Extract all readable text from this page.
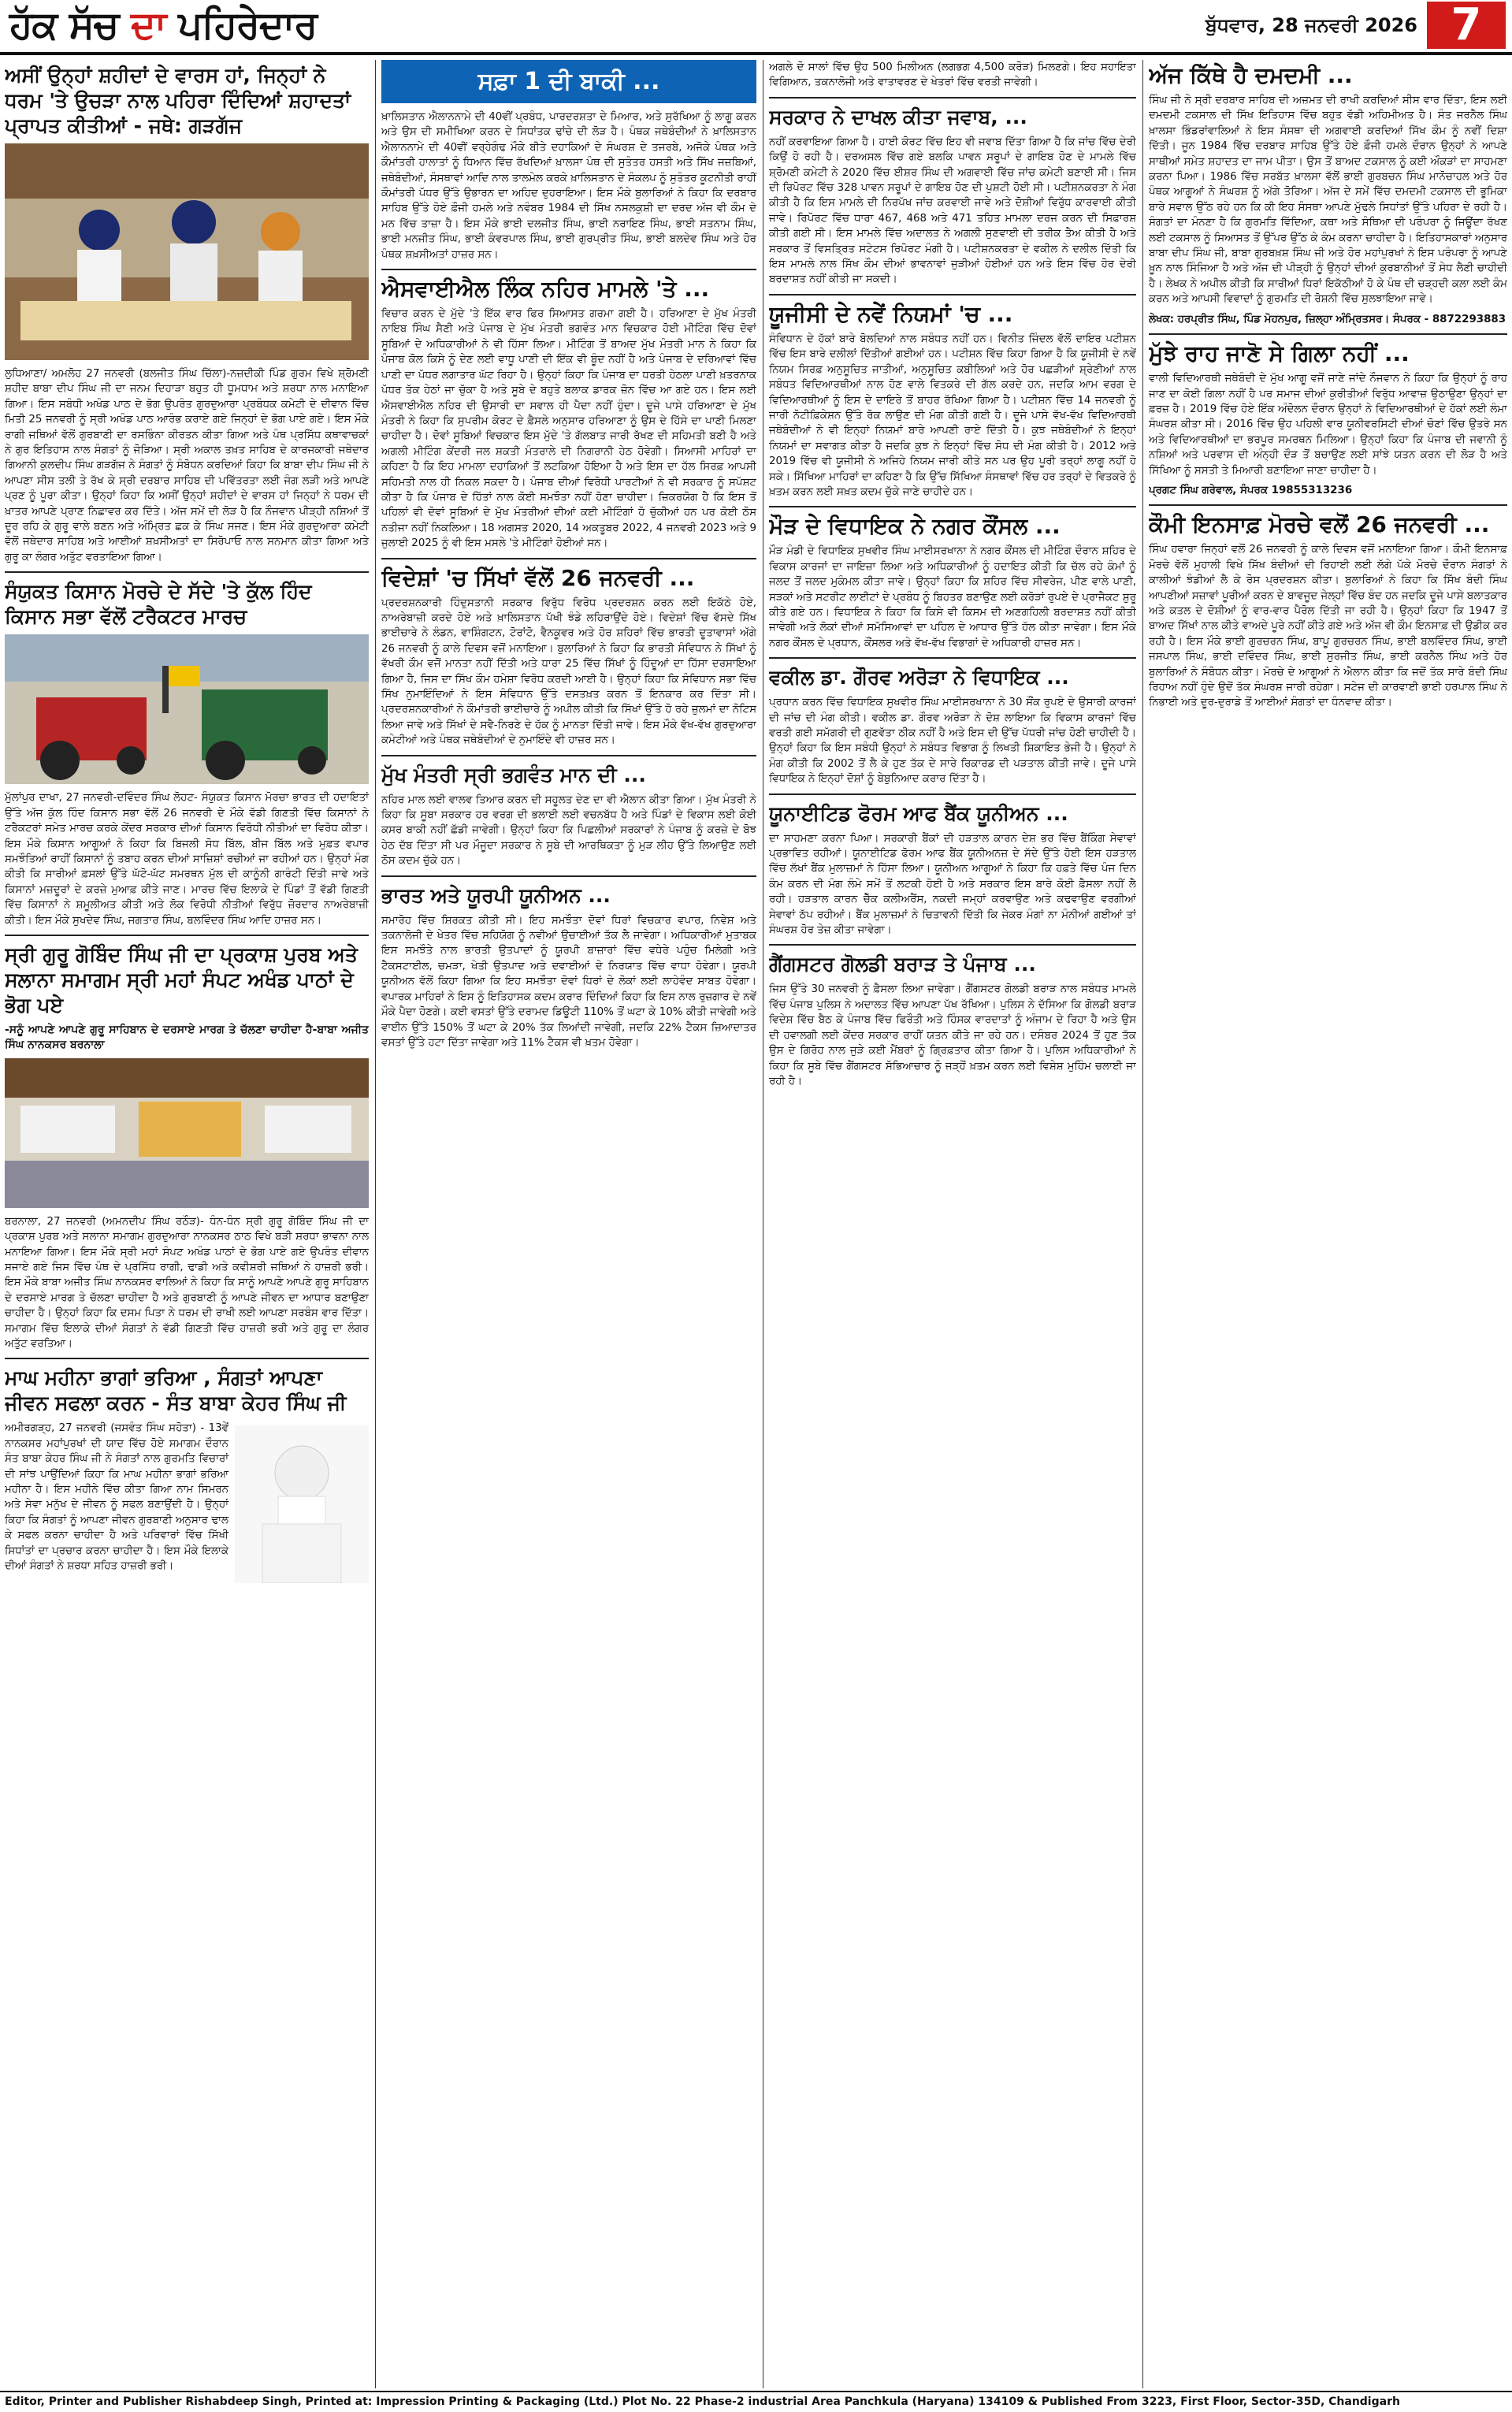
ਹੱਕ ਸੱਚ ਦਾ ਪਹਿਰੇਦਾਰ	ਬੁੱਧਵਾਰ, 28 ਜਨਵਰੀ 2026 7
ਅਸੀਂ ਉਨ੍ਹਾਂ ਸ਼ਹੀਦਾਂ ਦੇ ਵਾਰਸ ਹਾਂ, ਜਿਨ੍ਹਾਂ ਨੇ ਧਰਮ 'ਤੇ ਉਚੜਾ ਨਾਲ ਪਹਿਰਾ ਦਿੰਦਿਆਂ ਸ਼ਹਾਦਤਾਂ ਪ੍ਰਾਪਤ ਕੀਤੀਆਂ - ਜਥੇ: ਗੜਗੱਜ

ਲੁਧਿਆਣਾ/ ਅਮਲੋਹ 27 ਜਨਵਰੀ (ਬਲਜੀਤ ਸਿੰਘ ਚਿੱਲਾ)-ਨਜ਼ਦੀਕੀ ਪਿੰਡ ਗੁਰਮ ਵਿਖੇ ਸ਼੍ਰੋਮਣੀ ਸ਼ਹੀਦ ਬਾਬਾ ਦੀਪ ਸਿੰਘ ਜੀ ਦਾ ਜਨਮ ਦਿਹਾੜਾ ਬਹੁਤ ਹੀ ਧੂਮਧਾਮ ਅਤੇ ਸ਼ਰਧਾ ਨਾਲ ਮਨਾਇਆ ਗਿਆ। ਇਸ ਸਬੰਧੀ ਅਖੰਡ ਪਾਠ ਦੇ ਭੋਗ ਉਪਰੰਤ ਗੁਰਦੁਆਰਾ ਪ੍ਰਬੰਧਕ ਕਮੇਟੀ ਦੇ ਦੀਵਾਨ ਵਿੱਚ ਮਿਤੀ 25 ਜਨਵਰੀ ਨੂੰ ਸ੍ਰੀ ਅਖੰਡ ਪਾਠ ਆਰੰਭ ਕਰਾਏ ਗਏ ਜਿਨ੍ਹਾਂ ਦੇ ਭੋਗ ਪਾਏ ਗਏ। ਇਸ ਮੌਕੇ ਰਾਗੀ ਜਥਿਆਂ ਵੱਲੋਂ ਗੁਰਬਾਣੀ ਦਾ ਰਸਭਿੰਨਾ ਕੀਰਤਨ ਕੀਤਾ ਗਿਆ ਅਤੇ ਪੰਥ ਪ੍ਰਸਿੱਧ ਕਥਾਵਾਚਕਾਂ ਨੇ ਗੁਰ ਇਤਿਹਾਸ ਨਾਲ ਸੰਗਤਾਂ ਨੂੰ ਜੋੜਿਆ। ਸ੍ਰੀ ਅਕਾਲ ਤਖ਼ਤ ਸਾਹਿਬ ਦੇ ਕਾਰਜਕਾਰੀ ਜਥੇਦਾਰ ਗਿਆਨੀ ਕੁਲਦੀਪ ਸਿੰਘ ਗੜਗੱਜ ਨੇ ਸੰਗਤਾਂ ਨੂੰ ਸੰਬੋਧਨ ਕਰਦਿਆਂ ਕਿਹਾ ਕਿ ਬਾਬਾ ਦੀਪ ਸਿੰਘ ਜੀ ਨੇ ਆਪਣਾ ਸੀਸ ਤਲੀ ਤੇ ਰੱਖ ਕੇ ਸ੍ਰੀ ਦਰਬਾਰ ਸਾਹਿਬ ਦੀ ਪਵਿੱਤਰਤਾ ਲਈ ਜੰਗ ਲੜੀ ਅਤੇ ਆਪਣੇ ਪ੍ਰਣ ਨੂੰ ਪੂਰਾ ਕੀਤਾ। ਉਨ੍ਹਾਂ ਕਿਹਾ ਕਿ ਅਸੀਂ ਉਨ੍ਹਾਂ ਸ਼ਹੀਦਾਂ ਦੇ ਵਾਰਸ ਹਾਂ ਜਿਨ੍ਹਾਂ ਨੇ ਧਰਮ ਦੀ ਖ਼ਾਤਰ ਆਪਣੇ ਪ੍ਰਾਣ ਨਿਛਾਵਰ ਕਰ ਦਿੱਤੇ। ਅੱਜ ਸਮੇਂ ਦੀ ਲੋੜ ਹੈ ਕਿ ਨੌਜਵਾਨ ਪੀੜ੍ਹੀ ਨਸ਼ਿਆਂ ਤੋਂ ਦੂਰ ਰਹਿ ਕੇ ਗੁਰੂ ਵਾਲੇ ਬਣਨ ਅਤੇ ਅੰਮ੍ਰਿਤ ਛਕ ਕੇ ਸਿੰਘ ਸਜਣ। ਇਸ ਮੌਕੇ ਗੁਰਦੁਆਰਾ ਕਮੇਟੀ ਵੱਲੋਂ ਜਥੇਦਾਰ ਸਾਹਿਬ ਅਤੇ ਆਈਆਂ ਸ਼ਖ਼ਸੀਅਤਾਂ ਦਾ ਸਿਰੋਪਾਓ ਨਾਲ ਸਨਮਾਨ ਕੀਤਾ ਗਿਆ ਅਤੇ ਗੁਰੂ ਕਾ ਲੰਗਰ ਅਤੁੱਟ ਵਰਤਾਇਆ ਗਿਆ।

ਸੰਯੁਕਤ ਕਿਸਾਨ ਮੋਰਚੇ ਦੇ ਸੱਦੇ 'ਤੇ ਕੁੱਲ ਹਿੰਦ ਕਿਸਾਨ ਸਭਾ ਵੱਲੋਂ ਟਰੈਕਟਰ ਮਾਰਚ

ਮੁੱਲਾਂਪੁਰ ਦਾਖਾ, 27 ਜਨਵਰੀ-ਦਵਿੰਦਰ ਸਿੰਘ ਲੋਹਟ- ਸੰਯੁਕਤ ਕਿਸਾਨ ਮੋਰਚਾ ਭਾਰਤ ਦੀ ਹਦਾਇਤਾਂ ਉੱਤੇ ਅੱਜ ਕੁੱਲ ਹਿੰਦ ਕਿਸਾਨ ਸਭਾ ਵੱਲੋਂ 26 ਜਨਵਰੀ ਦੇ ਮੌਕੇ ਵੱਡੀ ਗਿਣਤੀ ਵਿੱਚ ਕਿਸਾਨਾਂ ਨੇ ਟਰੈਕਟਰਾਂ ਸਮੇਤ ਮਾਰਚ ਕਰਕੇ ਕੇਂਦਰ ਸਰਕਾਰ ਦੀਆਂ ਕਿਸਾਨ ਵਿਰੋਧੀ ਨੀਤੀਆਂ ਦਾ ਵਿਰੋਧ ਕੀਤਾ। ਇਸ ਮੌਕੇ ਕਿਸਾਨ ਆਗੂਆਂ ਨੇ ਕਿਹਾ ਕਿ ਬਿਜਲੀ ਸੋਧ ਬਿੱਲ, ਬੀਜ ਬਿੱਲ ਅਤੇ ਮੁਫ਼ਤ ਵਪਾਰ ਸਮਝੌਤਿਆਂ ਰਾਹੀਂ ਕਿਸਾਨਾਂ ਨੂੰ ਤਬਾਹ ਕਰਨ ਦੀਆਂ ਸਾਜ਼ਿਸ਼ਾਂ ਰਚੀਆਂ ਜਾ ਰਹੀਆਂ ਹਨ। ਉਨ੍ਹਾਂ ਮੰਗ ਕੀਤੀ ਕਿ ਸਾਰੀਆਂ ਫ਼ਸਲਾਂ ਉੱਤੇ ਘੱਟੋ-ਘੱਟ ਸਮਰਥਨ ਮੁੱਲ ਦੀ ਕਾਨੂੰਨੀ ਗਾਰੰਟੀ ਦਿੱਤੀ ਜਾਵੇ ਅਤੇ ਕਿਸਾਨਾਂ ਮਜ਼ਦੂਰਾਂ ਦੇ ਕਰਜ਼ੇ ਮੁਆਫ਼ ਕੀਤੇ ਜਾਣ। ਮਾਰਚ ਵਿੱਚ ਇਲਾਕੇ ਦੇ ਪਿੰਡਾਂ ਤੋਂ ਵੱਡੀ ਗਿਣਤੀ ਵਿੱਚ ਕਿਸਾਨਾਂ ਨੇ ਸ਼ਮੂਲੀਅਤ ਕੀਤੀ ਅਤੇ ਲੋਕ ਵਿਰੋਧੀ ਨੀਤੀਆਂ ਵਿਰੁੱਧ ਜ਼ੋਰਦਾਰ ਨਾਅਰੇਬਾਜ਼ੀ ਕੀਤੀ। ਇਸ ਮੌਕੇ ਸੁਖਦੇਵ ਸਿੰਘ, ਜਗਤਾਰ ਸਿੰਘ, ਬਲਵਿੰਦਰ ਸਿੰਘ ਆਦਿ ਹਾਜ਼ਰ ਸਨ।

ਸ੍ਰੀ ਗੁਰੂ ਗੋਬਿੰਦ ਸਿੰਘ ਜੀ ਦਾ ਪ੍ਰਕਾਸ਼ ਪੁਰਬ ਅਤੇ ਸਲਾਨਾ ਸਮਾਗਮ ਸ੍ਰੀ ਮਹਾਂ ਸੰਪਟ ਅਖੰਡ ਪਾਠਾਂ ਦੇ ਭੋਗ ਪਏ

-ਸਨੂੰ ਆਪਣੇ ਆਪਣੇ ਗੁਰੂ ਸਾਹਿਬਾਨ ਦੇ ਦਰਸਾਏ ਮਾਰਗ ਤੇ ਚੱਲਣਾ ਚਾਹੀਦਾ ਹੈ-ਬਾਬਾ ਅਜੀਤ ਸਿੰਘ ਨਾਨਕਸਰ ਬਰਨਾਲਾ

ਬਰਨਾਲਾ, 27 ਜਨਵਰੀ (ਅਮਨਦੀਪ ਸਿੰਘ ਰਠੌੜ)- ਧੰਨ-ਧੰਨ ਸ੍ਰੀ ਗੁਰੂ ਗੋਬਿੰਦ ਸਿੰਘ ਜੀ ਦਾ ਪ੍ਰਕਾਸ਼ ਪੁਰਬ ਅਤੇ ਸਲਾਨਾ ਸਮਾਗਮ ਗੁਰਦੁਆਰਾ ਨਾਨਕਸਰ ਠਾਠ ਵਿਖੇ ਬੜੀ ਸ਼ਰਧਾ ਭਾਵਨਾ ਨਾਲ ਮਨਾਇਆ ਗਿਆ। ਇਸ ਮੌਕੇ ਸ੍ਰੀ ਮਹਾਂ ਸੰਪਟ ਅਖੰਡ ਪਾਠਾਂ ਦੇ ਭੋਗ ਪਾਏ ਗਏ ਉਪਰੰਤ ਦੀਵਾਨ ਸਜਾਏ ਗਏ ਜਿਸ ਵਿੱਚ ਪੰਥ ਦੇ ਪ੍ਰਸਿੱਧ ਰਾਗੀ, ਢਾਡੀ ਅਤੇ ਕਵੀਸ਼ਰੀ ਜਥਿਆਂ ਨੇ ਹਾਜ਼ਰੀ ਭਰੀ। ਇਸ ਮੌਕੇ ਬਾਬਾ ਅਜੀਤ ਸਿੰਘ ਨਾਨਕਸਰ ਵਾਲਿਆਂ ਨੇ ਕਿਹਾ ਕਿ ਸਾਨੂੰ ਆਪਣੇ ਆਪਣੇ ਗੁਰੂ ਸਾਹਿਬਾਨ ਦੇ ਦਰਸਾਏ ਮਾਰਗ ਤੇ ਚੱਲਣਾ ਚਾਹੀਦਾ ਹੈ ਅਤੇ ਗੁਰਬਾਣੀ ਨੂੰ ਆਪਣੇ ਜੀਵਨ ਦਾ ਆਧਾਰ ਬਣਾਉਣਾ ਚਾਹੀਦਾ ਹੈ। ਉਨ੍ਹਾਂ ਕਿਹਾ ਕਿ ਦਸਮ ਪਿਤਾ ਨੇ ਧਰਮ ਦੀ ਰਾਖੀ ਲਈ ਆਪਣਾ ਸਰਬੰਸ ਵਾਰ ਦਿੱਤਾ। ਸਮਾਗਮ ਵਿੱਚ ਇਲਾਕੇ ਦੀਆਂ ਸੰਗਤਾਂ ਨੇ ਵੱਡੀ ਗਿਣਤੀ ਵਿੱਚ ਹਾਜ਼ਰੀ ਭਰੀ ਅਤੇ ਗੁਰੂ ਦਾ ਲੰਗਰ ਅਤੁੱਟ ਵਰਤਿਆ।

ਮਾਘ ਮਹੀਨਾ ਭਾਗਾਂ ਭਰਿਆ , ਸੰਗਤਾਂ ਆਪਣਾ ਜੀਵਨ ਸਫਲਾ ਕਰਨ - ਸੰਤ ਬਾਬਾ ਕੇਹਰ ਸਿੰਘ ਜੀ

ਅਮੀਰਗੜ੍ਹ, 27 ਜਨਵਰੀ (ਜਸਵੰਤ ਸਿੰਘ ਸਹੋਤਾ) - 13ਵੇਂ ਨਾਨਕਸਰ ਮਹਾਂਪੁਰਖਾਂ ਦੀ ਯਾਦ ਵਿੱਚ ਹੋਏ ਸਮਾਗਮ ਦੌਰਾਨ ਸੰਤ ਬਾਬਾ ਕੇਹਰ ਸਿੰਘ ਜੀ ਨੇ ਸੰਗਤਾਂ ਨਾਲ ਗੁਰਮਤਿ ਵਿਚਾਰਾਂ ਦੀ ਸਾਂਝ ਪਾਉਂਦਿਆਂ ਕਿਹਾ ਕਿ ਮਾਘ ਮਹੀਨਾ ਭਾਗਾਂ ਭਰਿਆ ਮਹੀਨਾ ਹੈ। ਇਸ ਮਹੀਨੇ ਵਿੱਚ ਕੀਤਾ ਗਿਆ ਨਾਮ ਸਿਮਰਨ ਅਤੇ ਸੇਵਾ ਮਨੁੱਖ ਦੇ ਜੀਵਨ ਨੂੰ ਸਫਲ ਬਣਾਉਂਦੀ ਹੈ। ਉਨ੍ਹਾਂ ਕਿਹਾ ਕਿ ਸੰਗਤਾਂ ਨੂੰ ਆਪਣਾ ਜੀਵਨ ਗੁਰਬਾਣੀ ਅਨੁਸਾਰ ਢਾਲ ਕੇ ਸਫਲ ਕਰਨਾ ਚਾਹੀਦਾ ਹੈ ਅਤੇ ਪਰਿਵਾਰਾਂ ਵਿੱਚ ਸਿੱਖੀ ਸਿਧਾਂਤਾਂ ਦਾ ਪ੍ਰਚਾਰ ਕਰਨਾ ਚਾਹੀਦਾ ਹੈ। ਇਸ ਮੌਕੇ ਇਲਾਕੇ ਦੀਆਂ ਸੰਗਤਾਂ ਨੇ ਸ਼ਰਧਾ ਸਹਿਤ ਹਾਜ਼ਰੀ ਭਰੀ।

ਸਫ਼ਾ 1 ਦੀ ਬਾਕੀ ...

ਖ਼ਾਲਿਸਤਾਨ ਐਲਾਨਨਾਮੇ ਦੀ 40ਵੀਂ ਪ੍ਰਬੰਧ, ਪਾਰਦਰਸ਼ਤਾ ਦੇ ਮਿਆਰ, ਅਤੇ ਸੁਰੱਖਿਆ ਨੂੰ ਲਾਗੂ ਕਰਨ ਅਤੇ ਉਸ ਦੀ ਸਮੀਖਿਆ ਕਰਨ ਦੇ ਸਿਧਾਂਤਕ ਢਾਂਚੇ ਦੀ ਲੋੜ ਹੈ। ਪੰਥਕ ਜਥੇਬੰਦੀਆਂ ਨੇ ਖ਼ਾਲਿਸਤਾਨ ਐਲਾਨਨਾਮੇ ਦੀ 40ਵੀਂ ਵਰ੍ਹੇਗੰਢ ਮੌਕੇ ਬੀਤੇ ਦਹਾਕਿਆਂ ਦੇ ਸੰਘਰਸ਼ ਦੇ ਤਜਰਬੇ, ਅਜੋਕੇ ਪੰਥਕ ਅਤੇ ਕੌਮਾਂਤਰੀ ਹਾਲਾਤਾਂ ਨੂੰ ਧਿਆਨ ਵਿੱਚ ਰੱਖਦਿਆਂ ਖ਼ਾਲਸਾ ਪੰਥ ਦੀ ਸੁਤੰਤਰ ਹਸਤੀ ਅਤੇ ਸਿੱਖ ਜਜ਼ਬਿਆਂ, ਜਥੇਬੰਦੀਆਂ, ਸੰਸਥਾਵਾਂ ਆਦਿ ਨਾਲ ਤਾਲਮੇਲ ਕਰਕੇ ਖ਼ਾਲਿਸਤਾਨ ਦੇ ਸੰਕਲਪ ਨੂੰ ਸੁਤੰਤਰ ਕੂਟਨੀਤੀ ਰਾਹੀਂ ਕੌਮਾਂਤਰੀ ਪੱਧਰ ਉੱਤੇ ਉਭਾਰਨ ਦਾ ਅਹਿਦ ਦੁਹਰਾਇਆ। ਇਸ ਮੌਕੇ ਬੁਲਾਰਿਆਂ ਨੇ ਕਿਹਾ ਕਿ ਦਰਬਾਰ ਸਾਹਿਬ ਉੱਤੇ ਹੋਏ ਫ਼ੌਜੀ ਹਮਲੇ ਅਤੇ ਨਵੰਬਰ 1984 ਦੀ ਸਿੱਖ ਨਸਲਕੁਸ਼ੀ ਦਾ ਦਰਦ ਅੱਜ ਵੀ ਕੌਮ ਦੇ ਮਨ ਵਿੱਚ ਤਾਜ਼ਾ ਹੈ। ਇਸ ਮੌਕੇ ਭਾਈ ਦਲਜੀਤ ਸਿੰਘ, ਭਾਈ ਨਰਾਇਣ ਸਿੰਘ, ਭਾਈ ਸਤਨਾਮ ਸਿੰਘ, ਭਾਈ ਮਨਜੀਤ ਸਿੰਘ, ਭਾਈ ਕੰਵਰਪਾਲ ਸਿੰਘ, ਭਾਈ ਗੁਰਪ੍ਰੀਤ ਸਿੰਘ, ਭਾਈ ਬਲਦੇਵ ਸਿੰਘ ਅਤੇ ਹੋਰ ਪੰਥਕ ਸ਼ਖ਼ਸੀਅਤਾਂ ਹਾਜ਼ਰ ਸਨ।

ਐਸਵਾਈਐਲ ਲਿੰਕ ਨਹਿਰ ਮਾਮਲੇ 'ਤੇ ...

ਵਿਚਾਰ ਕਰਨ ਦੇ ਮੁੱਦੇ 'ਤੇ ਇੱਕ ਵਾਰ ਫਿਰ ਸਿਆਸਤ ਗਰਮਾ ਗਈ ਹੈ। ਹਰਿਆਣਾ ਦੇ ਮੁੱਖ ਮੰਤਰੀ ਨਾਇਬ ਸਿੰਘ ਸੈਣੀ ਅਤੇ ਪੰਜਾਬ ਦੇ ਮੁੱਖ ਮੰਤਰੀ ਭਗਵੰਤ ਮਾਨ ਵਿਚਕਾਰ ਹੋਈ ਮੀਟਿੰਗ ਵਿੱਚ ਦੋਵਾਂ ਸੂਬਿਆਂ ਦੇ ਅਧਿਕਾਰੀਆਂ ਨੇ ਵੀ ਹਿੱਸਾ ਲਿਆ। ਮੀਟਿੰਗ ਤੋਂ ਬਾਅਦ ਮੁੱਖ ਮੰਤਰੀ ਮਾਨ ਨੇ ਕਿਹਾ ਕਿ ਪੰਜਾਬ ਕੋਲ ਕਿਸੇ ਨੂੰ ਦੇਣ ਲਈ ਵਾਧੂ ਪਾਣੀ ਦੀ ਇੱਕ ਵੀ ਬੂੰਦ ਨਹੀਂ ਹੈ ਅਤੇ ਪੰਜਾਬ ਦੇ ਦਰਿਆਵਾਂ ਵਿੱਚ ਪਾਣੀ ਦਾ ਪੱਧਰ ਲਗਾਤਾਰ ਘੱਟ ਰਿਹਾ ਹੈ। ਉਨ੍ਹਾਂ ਕਿਹਾ ਕਿ ਪੰਜਾਬ ਦਾ ਧਰਤੀ ਹੇਠਲਾ ਪਾਣੀ ਖ਼ਤਰਨਾਕ ਪੱਧਰ ਤੱਕ ਹੇਠਾਂ ਜਾ ਚੁੱਕਾ ਹੈ ਅਤੇ ਸੂਬੇ ਦੇ ਬਹੁਤੇ ਬਲਾਕ ਡਾਰਕ ਜ਼ੋਨ ਵਿੱਚ ਆ ਗਏ ਹਨ। ਇਸ ਲਈ ਐਸਵਾਈਐਲ ਨਹਿਰ ਦੀ ਉਸਾਰੀ ਦਾ ਸਵਾਲ ਹੀ ਪੈਦਾ ਨਹੀਂ ਹੁੰਦਾ। ਦੂਜੇ ਪਾਸੇ ਹਰਿਆਣਾ ਦੇ ਮੁੱਖ ਮੰਤਰੀ ਨੇ ਕਿਹਾ ਕਿ ਸੁਪਰੀਮ ਕੋਰਟ ਦੇ ਫ਼ੈਸਲੇ ਅਨੁਸਾਰ ਹਰਿਆਣਾ ਨੂੰ ਉਸ ਦੇ ਹਿੱਸੇ ਦਾ ਪਾਣੀ ਮਿਲਣਾ ਚਾਹੀਦਾ ਹੈ। ਦੋਵਾਂ ਸੂਬਿਆਂ ਵਿਚਕਾਰ ਇਸ ਮੁੱਦੇ 'ਤੇ ਗੱਲਬਾਤ ਜਾਰੀ ਰੱਖਣ ਦੀ ਸਹਿਮਤੀ ਬਣੀ ਹੈ ਅਤੇ ਅਗਲੀ ਮੀਟਿੰਗ ਕੇਂਦਰੀ ਜਲ ਸ਼ਕਤੀ ਮੰਤਰਾਲੇ ਦੀ ਨਿਗਰਾਨੀ ਹੇਠ ਹੋਵੇਗੀ। ਸਿਆਸੀ ਮਾਹਿਰਾਂ ਦਾ ਕਹਿਣਾ ਹੈ ਕਿ ਇਹ ਮਾਮਲਾ ਦਹਾਕਿਆਂ ਤੋਂ ਲਟਕਿਆ ਹੋਇਆ ਹੈ ਅਤੇ ਇਸ ਦਾ ਹੱਲ ਸਿਰਫ਼ ਆਪਸੀ ਸਹਿਮਤੀ ਨਾਲ ਹੀ ਨਿਕਲ ਸਕਦਾ ਹੈ। ਪੰਜਾਬ ਦੀਆਂ ਵਿਰੋਧੀ ਪਾਰਟੀਆਂ ਨੇ ਵੀ ਸਰਕਾਰ ਨੂੰ ਸਪੱਸ਼ਟ ਕੀਤਾ ਹੈ ਕਿ ਪੰਜਾਬ ਦੇ ਹਿੱਤਾਂ ਨਾਲ ਕੋਈ ਸਮਝੌਤਾ ਨਹੀਂ ਹੋਣਾ ਚਾਹੀਦਾ। ਜ਼ਿਕਰਯੋਗ ਹੈ ਕਿ ਇਸ ਤੋਂ ਪਹਿਲਾਂ ਵੀ ਦੋਵਾਂ ਸੂਬਿਆਂ ਦੇ ਮੁੱਖ ਮੰਤਰੀਆਂ ਦੀਆਂ ਕਈ ਮੀਟਿੰਗਾਂ ਹੋ ਚੁੱਕੀਆਂ ਹਨ ਪਰ ਕੋਈ ਠੋਸ ਨਤੀਜਾ ਨਹੀਂ ਨਿਕਲਿਆ। 18 ਅਗਸਤ 2020, 14 ਅਕਤੂਬਰ 2022, 4 ਜਨਵਰੀ 2023 ਅਤੇ 9 ਜੁਲਾਈ 2025 ਨੂੰ ਵੀ ਇਸ ਮਸਲੇ 'ਤੇ ਮੀਟਿੰਗਾਂ ਹੋਈਆਂ ਸਨ।

ਵਿਦੇਸ਼ਾਂ 'ਚ ਸਿੱਖਾਂ ਵੱਲੋਂ 26 ਜਨਵਰੀ ...

ਪ੍ਰਦਰਸ਼ਨਕਾਰੀ ਹਿੰਦੁਸਤਾਨੀ ਸਰਕਾਰ ਵਿਰੁੱਧ ਵਿਰੋਧ ਪ੍ਰਦਰਸ਼ਨ ਕਰਨ ਲਈ ਇਕੱਠੇ ਹੋਏ, ਨਾਅਰੇਬਾਜ਼ੀ ਕਰਦੇ ਹੋਏ ਅਤੇ ਖ਼ਾਲਿਸਤਾਨ ਪੱਖੀ ਝੰਡੇ ਲਹਿਰਾਉਂਦੇ ਹੋਏ। ਵਿਦੇਸ਼ਾਂ ਵਿੱਚ ਵੱਸਦੇ ਸਿੱਖ ਭਾਈਚਾਰੇ ਨੇ ਲੰਡਨ, ਵਾਸ਼ਿੰਗਟਨ, ਟੋਰਾਂਟੋ, ਵੈਨਕੂਵਰ ਅਤੇ ਹੋਰ ਸ਼ਹਿਰਾਂ ਵਿੱਚ ਭਾਰਤੀ ਦੂਤਾਵਾਸਾਂ ਅੱਗੇ 26 ਜਨਵਰੀ ਨੂੰ ਕਾਲੇ ਦਿਵਸ ਵਜੋਂ ਮਨਾਇਆ। ਬੁਲਾਰਿਆਂ ਨੇ ਕਿਹਾ ਕਿ ਭਾਰਤੀ ਸੰਵਿਧਾਨ ਨੇ ਸਿੱਖਾਂ ਨੂੰ ਵੱਖਰੀ ਕੌਮ ਵਜੋਂ ਮਾਨਤਾ ਨਹੀਂ ਦਿੱਤੀ ਅਤੇ ਧਾਰਾ 25 ਵਿੱਚ ਸਿੱਖਾਂ ਨੂੰ ਹਿੰਦੂਆਂ ਦਾ ਹਿੱਸਾ ਦਰਸਾਇਆ ਗਿਆ ਹੈ, ਜਿਸ ਦਾ ਸਿੱਖ ਕੌਮ ਹਮੇਸ਼ਾ ਵਿਰੋਧ ਕਰਦੀ ਆਈ ਹੈ। ਉਨ੍ਹਾਂ ਕਿਹਾ ਕਿ ਸੰਵਿਧਾਨ ਸਭਾ ਵਿੱਚ ਸਿੱਖ ਨੁਮਾਇੰਦਿਆਂ ਨੇ ਇਸ ਸੰਵਿਧਾਨ ਉੱਤੇ ਦਸਤਖ਼ਤ ਕਰਨ ਤੋਂ ਇਨਕਾਰ ਕਰ ਦਿੱਤਾ ਸੀ। ਪ੍ਰਦਰਸ਼ਨਕਾਰੀਆਂ ਨੇ ਕੌਮਾਂਤਰੀ ਭਾਈਚਾਰੇ ਨੂੰ ਅਪੀਲ ਕੀਤੀ ਕਿ ਸਿੱਖਾਂ ਉੱਤੇ ਹੋ ਰਹੇ ਜ਼ੁਲਮਾਂ ਦਾ ਨੋਟਿਸ ਲਿਆ ਜਾਵੇ ਅਤੇ ਸਿੱਖਾਂ ਦੇ ਸਵੈ-ਨਿਰਣੇ ਦੇ ਹੱਕ ਨੂੰ ਮਾਨਤਾ ਦਿੱਤੀ ਜਾਵੇ। ਇਸ ਮੌਕੇ ਵੱਖ-ਵੱਖ ਗੁਰਦੁਆਰਾ ਕਮੇਟੀਆਂ ਅਤੇ ਪੰਥਕ ਜਥੇਬੰਦੀਆਂ ਦੇ ਨੁਮਾਇੰਦੇ ਵੀ ਹਾਜ਼ਰ ਸਨ।

ਮੁੱਖ ਮੰਤਰੀ ਸ੍ਰੀ ਭਗਵੰਤ ਮਾਨ ਦੀ ...

ਨਹਿਰ ਮਾਲ ਲਈ ਵਾਲਵ ਤਿਆਰ ਕਰਨ ਦੀ ਸਹੂਲਤ ਦੇਣ ਦਾ ਵੀ ਐਲਾਨ ਕੀਤਾ ਗਿਆ। ਮੁੱਖ ਮੰਤਰੀ ਨੇ ਕਿਹਾ ਕਿ ਸੂਬਾ ਸਰਕਾਰ ਹਰ ਵਰਗ ਦੀ ਭਲਾਈ ਲਈ ਵਚਨਬੱਧ ਹੈ ਅਤੇ ਪਿੰਡਾਂ ਦੇ ਵਿਕਾਸ ਲਈ ਕੋਈ ਕਸਰ ਬਾਕੀ ਨਹੀਂ ਛੱਡੀ ਜਾਵੇਗੀ। ਉਨ੍ਹਾਂ ਕਿਹਾ ਕਿ ਪਿਛਲੀਆਂ ਸਰਕਾਰਾਂ ਨੇ ਪੰਜਾਬ ਨੂੰ ਕਰਜ਼ੇ ਦੇ ਬੋਝ ਹੇਠ ਦੱਬ ਦਿੱਤਾ ਸੀ ਪਰ ਮੌਜੂਦਾ ਸਰਕਾਰ ਨੇ ਸੂਬੇ ਦੀ ਆਰਥਿਕਤਾ ਨੂੰ ਮੁੜ ਲੀਹ ਉੱਤੇ ਲਿਆਉਣ ਲਈ ਠੋਸ ਕਦਮ ਚੁੱਕੇ ਹਨ।

ਭਾਰਤ ਅਤੇ ਯੂਰਪੀ ਯੂਨੀਅਨ ...

ਸਮਾਰੋਹ ਵਿੱਚ ਸ਼ਿਰਕਤ ਕੀਤੀ ਸੀ। ਇਹ ਸਮਝੌਤਾ ਦੋਵਾਂ ਧਿਰਾਂ ਵਿਚਕਾਰ ਵਪਾਰ, ਨਿਵੇਸ਼ ਅਤੇ ਤਕਨਾਲੋਜੀ ਦੇ ਖੇਤਰ ਵਿੱਚ ਸਹਿਯੋਗ ਨੂੰ ਨਵੀਆਂ ਉਚਾਈਆਂ ਤੱਕ ਲੈ ਜਾਵੇਗਾ। ਅਧਿਕਾਰੀਆਂ ਮੁਤਾਬਕ ਇਸ ਸਮਝੌਤੇ ਨਾਲ ਭਾਰਤੀ ਉਤਪਾਦਾਂ ਨੂੰ ਯੂਰਪੀ ਬਾਜ਼ਾਰਾਂ ਵਿੱਚ ਵਧੇਰੇ ਪਹੁੰਚ ਮਿਲੇਗੀ ਅਤੇ ਟੈਕਸਟਾਈਲ, ਚਮੜਾ, ਖੇਤੀ ਉਤਪਾਦ ਅਤੇ ਦਵਾਈਆਂ ਦੇ ਨਿਰਯਾਤ ਵਿੱਚ ਵਾਧਾ ਹੋਵੇਗਾ। ਯੂਰਪੀ ਯੂਨੀਅਨ ਵੱਲੋਂ ਕਿਹਾ ਗਿਆ ਕਿ ਇਹ ਸਮਝੌਤਾ ਦੋਵਾਂ ਧਿਰਾਂ ਦੇ ਲੋਕਾਂ ਲਈ ਲਾਹੇਵੰਦ ਸਾਬਤ ਹੋਵੇਗਾ। ਵਪਾਰਕ ਮਾਹਿਰਾਂ ਨੇ ਇਸ ਨੂੰ ਇਤਿਹਾਸਕ ਕਦਮ ਕਰਾਰ ਦਿੰਦਿਆਂ ਕਿਹਾ ਕਿ ਇਸ ਨਾਲ ਰੁਜ਼ਗਾਰ ਦੇ ਨਵੇਂ ਮੌਕੇ ਪੈਦਾ ਹੋਣਗੇ। ਕਈ ਵਸਤਾਂ ਉੱਤੇ ਦਰਾਮਦ ਡਿਊਟੀ 110% ਤੋਂ ਘਟਾ ਕੇ 10% ਕੀਤੀ ਜਾਵੇਗੀ ਅਤੇ ਵਾਈਨ ਉੱਤੇ 150% ਤੋਂ ਘਟਾ ਕੇ 20% ਤੱਕ ਲਿਆਂਦੀ ਜਾਵੇਗੀ, ਜਦਕਿ 22% ਟੈਕਸ ਜ਼ਿਆਦਾਤਰ ਵਸਤਾਂ ਉੱਤੇ ਹਟਾ ਦਿੱਤਾ ਜਾਵੇਗਾ ਅਤੇ 11% ਟੈਕਸ ਵੀ ਖ਼ਤਮ ਹੋਵੇਗਾ।

ਅਗਲੇ ਦੋ ਸਾਲਾਂ ਵਿੱਚ ਉਹ 500 ਮਿਲੀਅਨ (ਲਗਭਗ 4,500 ਕਰੋੜ) ਮਿਲਣਗੇ। ਇਹ ਸਹਾਇਤਾ ਵਿਗਿਆਨ, ਤਕਨਾਲੋਜੀ ਅਤੇ ਵਾਤਾਵਰਣ ਦੇ ਖੇਤਰਾਂ ਵਿੱਚ ਵਰਤੀ ਜਾਵੇਗੀ।

ਸਰਕਾਰ ਨੇ ਦਾਖਲ ਕੀਤਾ ਜਵਾਬ, ...

ਨਹੀਂ ਕਰਵਾਇਆ ਗਿਆ ਹੈ। ਹਾਈ ਕੋਰਟ ਵਿੱਚ ਇਹ ਵੀ ਜਵਾਬ ਦਿੱਤਾ ਗਿਆ ਹੈ ਕਿ ਜਾਂਚ ਵਿੱਚ ਦੇਰੀ ਕਿਉਂ ਹੋ ਰਹੀ ਹੈ। ਦਰਅਸਲ ਵਿੱਚ ਗਏ ਬਲਕਿ ਪਾਵਨ ਸਰੂਪਾਂ ਦੇ ਗਾਇਬ ਹੋਣ ਦੇ ਮਾਮਲੇ ਵਿੱਚ ਸ਼੍ਰੋਮਣੀ ਕਮੇਟੀ ਨੇ 2020 ਵਿੱਚ ਈਸ਼ਰ ਸਿੰਘ ਦੀ ਅਗਵਾਈ ਵਿੱਚ ਜਾਂਚ ਕਮੇਟੀ ਬਣਾਈ ਸੀ। ਜਿਸ ਦੀ ਰਿਪੋਰਟ ਵਿੱਚ 328 ਪਾਵਨ ਸਰੂਪਾਂ ਦੇ ਗਾਇਬ ਹੋਣ ਦੀ ਪੁਸ਼ਟੀ ਹੋਈ ਸੀ। ਪਟੀਸ਼ਨਕਰਤਾ ਨੇ ਮੰਗ ਕੀਤੀ ਹੈ ਕਿ ਇਸ ਮਾਮਲੇ ਦੀ ਨਿਰਪੱਖ ਜਾਂਚ ਕਰਵਾਈ ਜਾਵੇ ਅਤੇ ਦੋਸ਼ੀਆਂ ਵਿਰੁੱਧ ਕਾਰਵਾਈ ਕੀਤੀ ਜਾਵੇ। ਰਿਪੋਰਟ ਵਿੱਚ ਧਾਰਾ 467, 468 ਅਤੇ 471 ਤਹਿਤ ਮਾਮਲਾ ਦਰਜ ਕਰਨ ਦੀ ਸਿਫ਼ਾਰਸ਼ ਕੀਤੀ ਗਈ ਸੀ। ਇਸ ਮਾਮਲੇ ਵਿੱਚ ਅਦਾਲਤ ਨੇ ਅਗਲੀ ਸੁਣਵਾਈ ਦੀ ਤਰੀਕ ਤੈਅ ਕੀਤੀ ਹੈ ਅਤੇ ਸਰਕਾਰ ਤੋਂ ਵਿਸਤ੍ਰਿਤ ਸਟੇਟਸ ਰਿਪੋਰਟ ਮੰਗੀ ਹੈ। ਪਟੀਸ਼ਨਕਰਤਾ ਦੇ ਵਕੀਲ ਨੇ ਦਲੀਲ ਦਿੱਤੀ ਕਿ ਇਸ ਮਾਮਲੇ ਨਾਲ ਸਿੱਖ ਕੌਮ ਦੀਆਂ ਭਾਵਨਾਵਾਂ ਜੁੜੀਆਂ ਹੋਈਆਂ ਹਨ ਅਤੇ ਇਸ ਵਿੱਚ ਹੋਰ ਦੇਰੀ ਬਰਦਾਸ਼ਤ ਨਹੀਂ ਕੀਤੀ ਜਾ ਸਕਦੀ।

ਯੂਜੀਸੀ ਦੇ ਨਵੇਂ ਨਿਯਮਾਂ 'ਚ ...

ਸੰਵਿਧਾਨ ਦੇ ਹੱਕਾਂ ਬਾਰੇ ਬੋਲਦਿਆਂ ਨਾਲ ਸਬੰਧਤ ਨਹੀਂ ਹਨ। ਵਿਨੀਤ ਜਿੰਦਲ ਵੱਲੋਂ ਦਾਇਰ ਪਟੀਸ਼ਨ ਵਿੱਚ ਇਸ ਬਾਰੇ ਦਲੀਲਾਂ ਦਿੱਤੀਆਂ ਗਈਆਂ ਹਨ। ਪਟੀਸ਼ਨ ਵਿੱਚ ਕਿਹਾ ਗਿਆ ਹੈ ਕਿ ਯੂਜੀਸੀ ਦੇ ਨਵੇਂ ਨਿਯਮ ਸਿਰਫ਼ ਅਨੁਸੂਚਿਤ ਜਾਤੀਆਂ, ਅਨੁਸੂਚਿਤ ਕਬੀਲਿਆਂ ਅਤੇ ਹੋਰ ਪਛੜੀਆਂ ਸ਼੍ਰੇਣੀਆਂ ਨਾਲ ਸਬੰਧਤ ਵਿਦਿਆਰਥੀਆਂ ਨਾਲ ਹੋਣ ਵਾਲੇ ਵਿਤਕਰੇ ਦੀ ਗੱਲ ਕਰਦੇ ਹਨ, ਜਦਕਿ ਆਮ ਵਰਗ ਦੇ ਵਿਦਿਆਰਥੀਆਂ ਨੂੰ ਇਸ ਦੇ ਦਾਇਰੇ ਤੋਂ ਬਾਹਰ ਰੱਖਿਆ ਗਿਆ ਹੈ। ਪਟੀਸ਼ਨ ਵਿੱਚ 14 ਜਨਵਰੀ ਨੂੰ ਜਾਰੀ ਨੋਟੀਫ਼ਿਕੇਸ਼ਨ ਉੱਤੇ ਰੋਕ ਲਾਉਣ ਦੀ ਮੰਗ ਕੀਤੀ ਗਈ ਹੈ। ਦੂਜੇ ਪਾਸੇ ਵੱਖ-ਵੱਖ ਵਿਦਿਆਰਥੀ ਜਥੇਬੰਦੀਆਂ ਨੇ ਵੀ ਇਨ੍ਹਾਂ ਨਿਯਮਾਂ ਬਾਰੇ ਆਪਣੀ ਰਾਏ ਦਿੱਤੀ ਹੈ। ਕੁਝ ਜਥੇਬੰਦੀਆਂ ਨੇ ਇਨ੍ਹਾਂ ਨਿਯਮਾਂ ਦਾ ਸਵਾਗਤ ਕੀਤਾ ਹੈ ਜਦਕਿ ਕੁਝ ਨੇ ਇਨ੍ਹਾਂ ਵਿੱਚ ਸੋਧ ਦੀ ਮੰਗ ਕੀਤੀ ਹੈ। 2012 ਅਤੇ 2019 ਵਿੱਚ ਵੀ ਯੂਜੀਸੀ ਨੇ ਅਜਿਹੇ ਨਿਯਮ ਜਾਰੀ ਕੀਤੇ ਸਨ ਪਰ ਉਹ ਪੂਰੀ ਤਰ੍ਹਾਂ ਲਾਗੂ ਨਹੀਂ ਹੋ ਸਕੇ। ਸਿੱਖਿਆ ਮਾਹਿਰਾਂ ਦਾ ਕਹਿਣਾ ਹੈ ਕਿ ਉੱਚ ਸਿੱਖਿਆ ਸੰਸਥਾਵਾਂ ਵਿੱਚ ਹਰ ਤਰ੍ਹਾਂ ਦੇ ਵਿਤਕਰੇ ਨੂੰ ਖ਼ਤਮ ਕਰਨ ਲਈ ਸਖ਼ਤ ਕਦਮ ਚੁੱਕੇ ਜਾਣੇ ਚਾਹੀਦੇ ਹਨ।

ਮੌੜ ਦੇ ਵਿਧਾਇਕ ਨੇ ਨਗਰ ਕੌਂਸਲ ...

ਮੌੜ ਮੰਡੀ ਦੇ ਵਿਧਾਇਕ ਸੁਖਵੀਰ ਸਿੰਘ ਮਾਈਸਰਖਾਨਾ ਨੇ ਨਗਰ ਕੌਂਸਲ ਦੀ ਮੀਟਿੰਗ ਦੌਰਾਨ ਸ਼ਹਿਰ ਦੇ ਵਿਕਾਸ ਕਾਰਜਾਂ ਦਾ ਜਾਇਜ਼ਾ ਲਿਆ ਅਤੇ ਅਧਿਕਾਰੀਆਂ ਨੂੰ ਹਦਾਇਤ ਕੀਤੀ ਕਿ ਚੱਲ ਰਹੇ ਕੰਮਾਂ ਨੂੰ ਜਲਦ ਤੋਂ ਜਲਦ ਮੁਕੰਮਲ ਕੀਤਾ ਜਾਵੇ। ਉਨ੍ਹਾਂ ਕਿਹਾ ਕਿ ਸ਼ਹਿਰ ਵਿੱਚ ਸੀਵਰੇਜ, ਪੀਣ ਵਾਲੇ ਪਾਣੀ, ਸੜਕਾਂ ਅਤੇ ਸਟਰੀਟ ਲਾਈਟਾਂ ਦੇ ਪ੍ਰਬੰਧ ਨੂੰ ਬਿਹਤਰ ਬਣਾਉਣ ਲਈ ਕਰੋੜਾਂ ਰੁਪਏ ਦੇ ਪ੍ਰਾਜੈਕਟ ਸ਼ੁਰੂ ਕੀਤੇ ਗਏ ਹਨ। ਵਿਧਾਇਕ ਨੇ ਕਿਹਾ ਕਿ ਕਿਸੇ ਵੀ ਕਿਸਮ ਦੀ ਅਣਗਹਿਲੀ ਬਰਦਾਸ਼ਤ ਨਹੀਂ ਕੀਤੀ ਜਾਵੇਗੀ ਅਤੇ ਲੋਕਾਂ ਦੀਆਂ ਸਮੱਸਿਆਵਾਂ ਦਾ ਪਹਿਲ ਦੇ ਆਧਾਰ ਉੱਤੇ ਹੱਲ ਕੀਤਾ ਜਾਵੇਗਾ। ਇਸ ਮੌਕੇ ਨਗਰ ਕੌਂਸਲ ਦੇ ਪ੍ਰਧਾਨ, ਕੌਂਸਲਰ ਅਤੇ ਵੱਖ-ਵੱਖ ਵਿਭਾਗਾਂ ਦੇ ਅਧਿਕਾਰੀ ਹਾਜ਼ਰ ਸਨ।

ਵਕੀਲ ਡਾ. ਗੌਰਵ ਅਰੋੜਾ ਨੇ ਵਿਧਾਇਕ ...

ਪ੍ਰਧਾਨ ਕਰਨ ਵਿੱਚ ਵਿਧਾਇਕ ਸੁਖਵੀਰ ਸਿੰਘ ਮਾਈਸਰਖਾਨਾ ਨੇ 30 ਸੌਂਕ ਰੁਪਏ ਦੇ ਉਸਾਰੀ ਕਾਰਜਾਂ ਦੀ ਜਾਂਚ ਦੀ ਮੰਗ ਕੀਤੀ। ਵਕੀਲ ਡਾ. ਗੌਰਵ ਅਰੋੜਾ ਨੇ ਦੋਸ਼ ਲਾਇਆ ਕਿ ਵਿਕਾਸ ਕਾਰਜਾਂ ਵਿੱਚ ਵਰਤੀ ਗਈ ਸਮੱਗਰੀ ਦੀ ਗੁਣਵੱਤਾ ਠੀਕ ਨਹੀਂ ਹੈ ਅਤੇ ਇਸ ਦੀ ਉੱਚ ਪੱਧਰੀ ਜਾਂਚ ਹੋਣੀ ਚਾਹੀਦੀ ਹੈ। ਉਨ੍ਹਾਂ ਕਿਹਾ ਕਿ ਇਸ ਸਬੰਧੀ ਉਨ੍ਹਾਂ ਨੇ ਸਬੰਧਤ ਵਿਭਾਗ ਨੂੰ ਲਿਖਤੀ ਸ਼ਿਕਾਇਤ ਭੇਜੀ ਹੈ। ਉਨ੍ਹਾਂ ਨੇ ਮੰਗ ਕੀਤੀ ਕਿ 2002 ਤੋਂ ਲੈ ਕੇ ਹੁਣ ਤੱਕ ਦੇ ਸਾਰੇ ਰਿਕਾਰਡ ਦੀ ਪੜਤਾਲ ਕੀਤੀ ਜਾਵੇ। ਦੂਜੇ ਪਾਸੇ ਵਿਧਾਇਕ ਨੇ ਇਨ੍ਹਾਂ ਦੋਸ਼ਾਂ ਨੂੰ ਬੇਬੁਨਿਆਦ ਕਰਾਰ ਦਿੱਤਾ ਹੈ।

ਯੂਨਾਈਟਿਡ ਫੋਰਮ ਆਫ ਬੈਂਕ ਯੂਨੀਅਨ ...

ਦਾ ਸਾਹਮਣਾ ਕਰਨਾ ਪਿਆ। ਸਰਕਾਰੀ ਬੈਂਕਾਂ ਦੀ ਹੜਤਾਲ ਕਾਰਨ ਦੇਸ਼ ਭਰ ਵਿੱਚ ਬੈਂਕਿੰਗ ਸੇਵਾਵਾਂ ਪ੍ਰਭਾਵਿਤ ਰਹੀਆਂ। ਯੂਨਾਈਟਿਡ ਫੋਰਮ ਆਫ ਬੈਂਕ ਯੂਨੀਅਨਜ਼ ਦੇ ਸੱਦੇ ਉੱਤੇ ਹੋਈ ਇਸ ਹੜਤਾਲ ਵਿੱਚ ਲੱਖਾਂ ਬੈਂਕ ਮੁਲਾਜ਼ਮਾਂ ਨੇ ਹਿੱਸਾ ਲਿਆ। ਯੂਨੀਅਨ ਆਗੂਆਂ ਨੇ ਕਿਹਾ ਕਿ ਹਫ਼ਤੇ ਵਿੱਚ ਪੰਜ ਦਿਨ ਕੰਮ ਕਰਨ ਦੀ ਮੰਗ ਲੰਮੇ ਸਮੇਂ ਤੋਂ ਲਟਕੀ ਹੋਈ ਹੈ ਅਤੇ ਸਰਕਾਰ ਇਸ ਬਾਰੇ ਕੋਈ ਫ਼ੈਸਲਾ ਨਹੀਂ ਲੈ ਰਹੀ। ਹੜਤਾਲ ਕਾਰਨ ਚੈੱਕ ਕਲੀਅਰੈਂਸ, ਨਕਦੀ ਜਮ੍ਹਾਂ ਕਰਵਾਉਣ ਅਤੇ ਕਢਵਾਉਣ ਵਰਗੀਆਂ ਸੇਵਾਵਾਂ ਠੱਪ ਰਹੀਆਂ। ਬੈਂਕ ਮੁਲਾਜ਼ਮਾਂ ਨੇ ਚਿਤਾਵਨੀ ਦਿੱਤੀ ਕਿ ਜੇਕਰ ਮੰਗਾਂ ਨਾ ਮੰਨੀਆਂ ਗਈਆਂ ਤਾਂ ਸੰਘਰਸ਼ ਹੋਰ ਤੇਜ਼ ਕੀਤਾ ਜਾਵੇਗਾ।

ਗੈਂਗਸਟਰ ਗੋਲਡੀ ਬਰਾੜ ਤੇ ਪੰਜਾਬ ...

ਜਿਸ ਉੱਤੇ 30 ਜਨਵਰੀ ਨੂੰ ਫ਼ੈਸਲਾ ਲਿਆ ਜਾਵੇਗਾ। ਗੈਂਗਸਟਰ ਗੋਲਡੀ ਬਰਾੜ ਨਾਲ ਸਬੰਧਤ ਮਾਮਲੇ ਵਿੱਚ ਪੰਜਾਬ ਪੁਲਿਸ ਨੇ ਅਦਾਲਤ ਵਿੱਚ ਆਪਣਾ ਪੱਖ ਰੱਖਿਆ। ਪੁਲਿਸ ਨੇ ਦੱਸਿਆ ਕਿ ਗੋਲਡੀ ਬਰਾੜ ਵਿਦੇਸ਼ ਵਿੱਚ ਬੈਠ ਕੇ ਪੰਜਾਬ ਵਿੱਚ ਫਿਰੌਤੀ ਅਤੇ ਹਿੰਸਕ ਵਾਰਦਾਤਾਂ ਨੂੰ ਅੰਜਾਮ ਦੇ ਰਿਹਾ ਹੈ ਅਤੇ ਉਸ ਦੀ ਹਵਾਲਗੀ ਲਈ ਕੇਂਦਰ ਸਰਕਾਰ ਰਾਹੀਂ ਯਤਨ ਕੀਤੇ ਜਾ ਰਹੇ ਹਨ। ਦਸੰਬਰ 2024 ਤੋਂ ਹੁਣ ਤੱਕ ਉਸ ਦੇ ਗਿਰੋਹ ਨਾਲ ਜੁੜੇ ਕਈ ਮੈਂਬਰਾਂ ਨੂੰ ਗ੍ਰਿਫ਼ਤਾਰ ਕੀਤਾ ਗਿਆ ਹੈ। ਪੁਲਿਸ ਅਧਿਕਾਰੀਆਂ ਨੇ ਕਿਹਾ ਕਿ ਸੂਬੇ ਵਿੱਚ ਗੈਂਗਸਟਰ ਸੱਭਿਆਚਾਰ ਨੂੰ ਜੜ੍ਹੋਂ ਖ਼ਤਮ ਕਰਨ ਲਈ ਵਿਸ਼ੇਸ਼ ਮੁਹਿੰਮ ਚਲਾਈ ਜਾ ਰਹੀ ਹੈ।

ਅੱਜ ਕਿੱਥੇ ਹੈ ਦਮਦਮੀ ...

ਸਿੰਘ ਜੀ ਨੇ ਸ੍ਰੀ ਦਰਬਾਰ ਸਾਹਿਬ ਦੀ ਅਜ਼ਮਤ ਦੀ ਰਾਖੀ ਕਰਦਿਆਂ ਸੀਸ ਵਾਰ ਦਿੱਤਾ, ਇਸ ਲਈ ਦਮਦਮੀ ਟਕਸਾਲ ਦੀ ਸਿੱਖ ਇਤਿਹਾਸ ਵਿੱਚ ਬਹੁਤ ਵੱਡੀ ਅਹਿਮੀਅਤ ਹੈ। ਸੰਤ ਜਰਨੈਲ ਸਿੰਘ ਖ਼ਾਲਸਾ ਭਿੰਡਰਾਂਵਾਲਿਆਂ ਨੇ ਇਸ ਸੰਸਥਾ ਦੀ ਅਗਵਾਈ ਕਰਦਿਆਂ ਸਿੱਖ ਕੌਮ ਨੂੰ ਨਵੀਂ ਦਿਸ਼ਾ ਦਿੱਤੀ। ਜੂਨ 1984 ਵਿੱਚ ਦਰਬਾਰ ਸਾਹਿਬ ਉੱਤੇ ਹੋਏ ਫ਼ੌਜੀ ਹਮਲੇ ਦੌਰਾਨ ਉਨ੍ਹਾਂ ਨੇ ਆਪਣੇ ਸਾਥੀਆਂ ਸਮੇਤ ਸ਼ਹਾਦਤ ਦਾ ਜਾਮ ਪੀਤਾ। ਉਸ ਤੋਂ ਬਾਅਦ ਟਕਸਾਲ ਨੂੰ ਕਈ ਔਕੜਾਂ ਦਾ ਸਾਹਮਣਾ ਕਰਨਾ ਪਿਆ। 1986 ਵਿੱਚ ਸਰਬੱਤ ਖ਼ਾਲਸਾ ਵੱਲੋਂ ਭਾਈ ਗੁਰਬਚਨ ਸਿੰਘ ਮਾਨੋਚਾਹਲ ਅਤੇ ਹੋਰ ਪੰਥਕ ਆਗੂਆਂ ਨੇ ਸੰਘਰਸ਼ ਨੂੰ ਅੱਗੇ ਤੋਰਿਆ। ਅੱਜ ਦੇ ਸਮੇਂ ਵਿੱਚ ਦਮਦਮੀ ਟਕਸਾਲ ਦੀ ਭੂਮਿਕਾ ਬਾਰੇ ਸਵਾਲ ਉੱਠ ਰਹੇ ਹਨ ਕਿ ਕੀ ਇਹ ਸੰਸਥਾ ਆਪਣੇ ਮੁੱਢਲੇ ਸਿਧਾਂਤਾਂ ਉੱਤੇ ਪਹਿਰਾ ਦੇ ਰਹੀ ਹੈ। ਸੰਗਤਾਂ ਦਾ ਮੰਨਣਾ ਹੈ ਕਿ ਗੁਰਮਤਿ ਵਿੱਦਿਆ, ਕਥਾ ਅਤੇ ਸੰਥਿਆ ਦੀ ਪਰੰਪਰਾ ਨੂੰ ਜਿਊਂਦਾ ਰੱਖਣ ਲਈ ਟਕਸਾਲ ਨੂੰ ਸਿਆਸਤ ਤੋਂ ਉੱਪਰ ਉੱਠ ਕੇ ਕੰਮ ਕਰਨਾ ਚਾਹੀਦਾ ਹੈ। ਇਤਿਹਾਸਕਾਰਾਂ ਅਨੁਸਾਰ ਬਾਬਾ ਦੀਪ ਸਿੰਘ ਜੀ, ਬਾਬਾ ਗੁਰਬਖ਼ਸ਼ ਸਿੰਘ ਜੀ ਅਤੇ ਹੋਰ ਮਹਾਂਪੁਰਖਾਂ ਨੇ ਇਸ ਪਰੰਪਰਾ ਨੂੰ ਆਪਣੇ ਖ਼ੂਨ ਨਾਲ ਸਿੰਜਿਆ ਹੈ ਅਤੇ ਅੱਜ ਦੀ ਪੀੜ੍ਹੀ ਨੂੰ ਉਨ੍ਹਾਂ ਦੀਆਂ ਕੁਰਬਾਨੀਆਂ ਤੋਂ ਸੇਧ ਲੈਣੀ ਚਾਹੀਦੀ ਹੈ। ਲੇਖਕ ਨੇ ਅਪੀਲ ਕੀਤੀ ਕਿ ਸਾਰੀਆਂ ਧਿਰਾਂ ਇਕੱਠੀਆਂ ਹੋ ਕੇ ਪੰਥ ਦੀ ਚੜ੍ਹਦੀ ਕਲਾ ਲਈ ਕੰਮ ਕਰਨ ਅਤੇ ਆਪਸੀ ਵਿਵਾਦਾਂ ਨੂੰ ਗੁਰਮਤਿ ਦੀ ਰੋਸ਼ਨੀ ਵਿੱਚ ਸੁਲਝਾਇਆ ਜਾਵੇ।

ਲੇਖਕ: ਹਰਪ੍ਰੀਤ ਸਿੰਘ, ਪਿੰਡ ਮੋਹਨਪੁਰ, ਜ਼ਿਲ੍ਹਾ ਅੰਮ੍ਰਿਤਸਰ। ਸੰਪਰਕ - 8872293883

ਮੁੱਝੇ ਰਾਹ ਜਾਣੋ ਸੇ ਗਿਲਾ ਨਹੀਂ ...

ਵਾਲੀ ਵਿਦਿਆਰਥੀ ਜਥੇਬੰਦੀ ਦੇ ਮੁੱਖ ਆਗੂ ਵਜੋਂ ਜਾਣੇ ਜਾਂਦੇ ਨੌਜਵਾਨ ਨੇ ਕਿਹਾ ਕਿ ਉਨ੍ਹਾਂ ਨੂੰ ਰਾਹ ਜਾਣ ਦਾ ਕੋਈ ਗਿਲਾ ਨਹੀਂ ਹੈ ਪਰ ਸਮਾਜ ਦੀਆਂ ਕੁਰੀਤੀਆਂ ਵਿਰੁੱਧ ਆਵਾਜ਼ ਉਠਾਉਣਾ ਉਨ੍ਹਾਂ ਦਾ ਫ਼ਰਜ਼ ਹੈ। 2019 ਵਿੱਚ ਹੋਏ ਇੱਕ ਅੰਦੋਲਨ ਦੌਰਾਨ ਉਨ੍ਹਾਂ ਨੇ ਵਿਦਿਆਰਥੀਆਂ ਦੇ ਹੱਕਾਂ ਲਈ ਲੰਮਾ ਸੰਘਰਸ਼ ਕੀਤਾ ਸੀ। 2016 ਵਿੱਚ ਉਹ ਪਹਿਲੀ ਵਾਰ ਯੂਨੀਵਰਸਿਟੀ ਦੀਆਂ ਚੋਣਾਂ ਵਿੱਚ ਉਤਰੇ ਸਨ ਅਤੇ ਵਿਦਿਆਰਥੀਆਂ ਦਾ ਭਰਪੂਰ ਸਮਰਥਨ ਮਿਲਿਆ। ਉਨ੍ਹਾਂ ਕਿਹਾ ਕਿ ਪੰਜਾਬ ਦੀ ਜਵਾਨੀ ਨੂੰ ਨਸ਼ਿਆਂ ਅਤੇ ਪਰਵਾਸ ਦੀ ਅੰਨ੍ਹੀ ਦੌੜ ਤੋਂ ਬਚਾਉਣ ਲਈ ਸਾਂਝੇ ਯਤਨ ਕਰਨ ਦੀ ਲੋੜ ਹੈ ਅਤੇ ਸਿੱਖਿਆ ਨੂੰ ਸਸਤੀ ਤੇ ਮਿਆਰੀ ਬਣਾਇਆ ਜਾਣਾ ਚਾਹੀਦਾ ਹੈ।

ਪ੍ਰਗਟ ਸਿੰਘ ਗਰੇਵਾਲ, ਸੰਪਰਕ 19855313236

ਕੌਮੀ ਇਨਸਾਫ਼ ਮੋਰਚੇ ਵਲੋਂ 26 ਜਨਵਰੀ ...

ਸਿੰਘ ਹਵਾਰਾ ਜਿਨ੍ਹਾਂ ਵਲੋਂ 26 ਜਨਵਰੀ ਨੂੰ ਕਾਲੇ ਦਿਵਸ ਵਜੋਂ ਮਨਾਇਆ ਗਿਆ। ਕੌਮੀ ਇਨਸਾਫ਼ ਮੋਰਚੇ ਵੱਲੋਂ ਮੁਹਾਲੀ ਵਿਖੇ ਸਿੱਖ ਬੰਦੀਆਂ ਦੀ ਰਿਹਾਈ ਲਈ ਲੱਗੇ ਪੱਕੇ ਮੋਰਚੇ ਦੌਰਾਨ ਸੰਗਤਾਂ ਨੇ ਕਾਲੀਆਂ ਝੰਡੀਆਂ ਲੈ ਕੇ ਰੋਸ ਪ੍ਰਦਰਸ਼ਨ ਕੀਤਾ। ਬੁਲਾਰਿਆਂ ਨੇ ਕਿਹਾ ਕਿ ਸਿੱਖ ਬੰਦੀ ਸਿੰਘ ਆਪਣੀਆਂ ਸਜ਼ਾਵਾਂ ਪੂਰੀਆਂ ਕਰਨ ਦੇ ਬਾਵਜੂਦ ਜੇਲ੍ਹਾਂ ਵਿੱਚ ਬੰਦ ਹਨ ਜਦਕਿ ਦੂਜੇ ਪਾਸੇ ਬਲਾਤਕਾਰ ਅਤੇ ਕਤਲ ਦੇ ਦੋਸ਼ੀਆਂ ਨੂੰ ਵਾਰ-ਵਾਰ ਪੈਰੋਲ ਦਿੱਤੀ ਜਾ ਰਹੀ ਹੈ। ਉਨ੍ਹਾਂ ਕਿਹਾ ਕਿ 1947 ਤੋਂ ਬਾਅਦ ਸਿੱਖਾਂ ਨਾਲ ਕੀਤੇ ਵਾਅਦੇ ਪੂਰੇ ਨਹੀਂ ਕੀਤੇ ਗਏ ਅਤੇ ਅੱਜ ਵੀ ਕੌਮ ਇਨਸਾਫ਼ ਦੀ ਉਡੀਕ ਕਰ ਰਹੀ ਹੈ। ਇਸ ਮੌਕੇ ਭਾਈ ਗੁਰਚਰਨ ਸਿੰਘ, ਬਾਪੂ ਗੁਰਚਰਨ ਸਿੰਘ, ਭਾਈ ਬਲਵਿੰਦਰ ਸਿੰਘ, ਭਾਈ ਜਸਪਾਲ ਸਿੰਘ, ਭਾਈ ਦਵਿੰਦਰ ਸਿੰਘ, ਭਾਈ ਸੁਰਜੀਤ ਸਿੰਘ, ਭਾਈ ਕਰਨੈਲ ਸਿੰਘ ਅਤੇ ਹੋਰ ਬੁਲਾਰਿਆਂ ਨੇ ਸੰਬੋਧਨ ਕੀਤਾ। ਮੋਰਚੇ ਦੇ ਆਗੂਆਂ ਨੇ ਐਲਾਨ ਕੀਤਾ ਕਿ ਜਦੋਂ ਤੱਕ ਸਾਰੇ ਬੰਦੀ ਸਿੰਘ ਰਿਹਾਅ ਨਹੀਂ ਹੁੰਦੇ ਉਦੋਂ ਤੱਕ ਸੰਘਰਸ਼ ਜਾਰੀ ਰਹੇਗਾ। ਸਟੇਜ ਦੀ ਕਾਰਵਾਈ ਭਾਈ ਹਰਪਾਲ ਸਿੰਘ ਨੇ ਨਿਭਾਈ ਅਤੇ ਦੂਰ-ਦੁਰਾਡੇ ਤੋਂ ਆਈਆਂ ਸੰਗਤਾਂ ਦਾ ਧੰਨਵਾਦ ਕੀਤਾ।

Editor, Printer and Publisher Rishabdeep Singh, Printed at: Impression Printing & Packaging (Ltd.) Plot No. 22 Phase-2 industrial Area Panchkula (Haryana) 134109 & Published From 3223, First Floor, Sector-35D, Chandigarh
